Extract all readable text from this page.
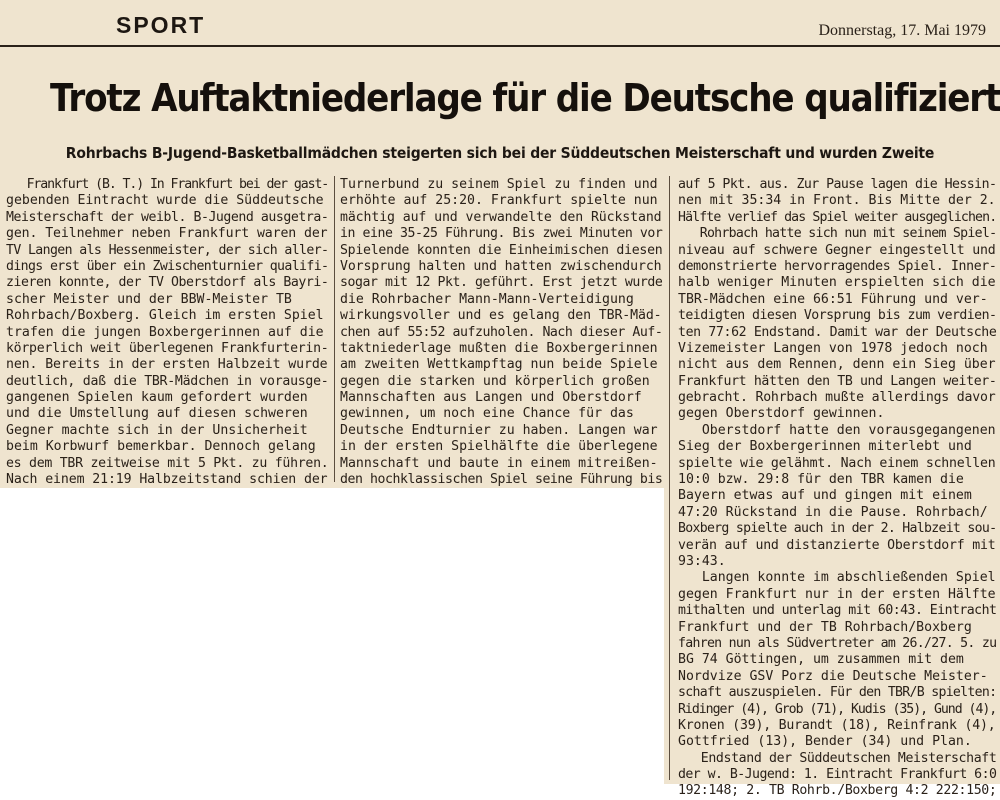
SPORT	Donnerstag, 17. Mai 1979
Trotz Auftaktniederlage für die Deutsche qualifiziert
Rohrbachs B-Jugend-Basketballmädchen steigerten sich bei der Süddeutschen Meisterschaft und wurden Zweite
Frankfurt (B. T.) In Frankfurt bei der gast-
gebenden Eintracht wurde die Süddeutsche
Meisterschaft der weibl. B-Jugend ausgetra-
gen. Teilnehmer neben Frankfurt waren der
TV Langen als Hessenmeister, der sich aller-
dings erst über ein Zwischenturnier qualifi-
zieren konnte, der TV Oberstdorf als Bayri-
scher Meister und der BBW-Meister TB
Rohrbach/Boxberg. Gleich im ersten Spiel
trafen die jungen Boxbergerinnen auf die
körperlich weit überlegenen Frankfurterin-
nen. Bereits in der ersten Halbzeit wurde
deutlich, daß die TBR-Mädchen in vorausge-
gangenen Spielen kaum gefordert wurden
und die Umstellung auf diesen schweren
Gegner machte sich in der Unsicherheit
beim Korbwurf bemerkbar. Dennoch gelang
es dem TBR zeitweise mit 5 Pkt. zu führen.
Nach einem 21:19 Halbzeitstand schien der
Turnerbund zu seinem Spiel zu finden und
erhöhte auf 25:20. Frankfurt spielte nun
mächtig auf und verwandelte den Rückstand
in eine 35-25 Führung. Bis zwei Minuten vor
Spielende konnten die Einheimischen diesen
Vorsprung halten und hatten zwischendurch
sogar mit 12 Pkt. geführt. Erst jetzt wurde
die Rohrbacher Mann-Mann-Verteidigung
wirkungsvoller und es gelang den TBR-Mäd-
chen auf 55:52 aufzuholen. Nach dieser Auf-
taktniederlage mußten die Boxbergerinnen
am zweiten Wettkampftag nun beide Spiele
gegen die starken und körperlich großen
Mannschaften aus Langen und Oberstdorf
gewinnen, um noch eine Chance für das
Deutsche Endturnier zu haben. Langen war
in der ersten Spielhälfte die überlegene
Mannschaft und baute in einem mitreißen-
den hochklassischen Spiel seine Führung bis
auf 5 Pkt. aus. Zur Pause lagen die Hessin-
nen mit 35:34 in Front. Bis Mitte der 2.
Hälfte verlief das Spiel weiter ausgeglichen.
Rohrbach hatte sich nun mit seinem Spiel-
niveau auf schwere Gegner eingestellt und
demonstrierte hervorragendes Spiel. Inner-
halb weniger Minuten erspielten sich die
TBR-Mädchen eine 66:51 Führung und ver-
teidigten diesen Vorsprung bis zum verdien-
ten 77:62 Endstand. Damit war der Deutsche
Vizemeister Langen von 1978 jedoch noch
nicht aus dem Rennen, denn ein Sieg über
Frankfurt hätten den TB und Langen weiter-
gebracht. Rohrbach mußte allerdings davor
gegen Oberstdorf gewinnen.
Oberstdorf hatte den vorausgegangenen
Sieg der Boxbergerinnen miterlebt und
spielte wie gelähmt. Nach einem schnellen
10:0 bzw. 29:8 für den TBR kamen die
Bayern etwas auf und gingen mit einem
47:20 Rückstand in die Pause. Rohrbach/
Boxberg spielte auch in der 2. Halbzeit sou-
verän auf und distanzierte Oberstdorf mit
93:43.
Langen konnte im abschließenden Spiel
gegen Frankfurt nur in der ersten Hälfte
mithalten und unterlag mit 60:43. Eintracht
Frankfurt und der TB Rohrbach/Boxberg
fahren nun als Südvertreter am 26./27. 5. zu
BG 74 Göttingen, um zusammen mit dem
Nordvize GSV Porz die Deutsche Meister-
schaft auszuspielen. Für den TBR/B spielten:
Ridinger (4), Grob (71), Kudis (35), Gund (4),
Kronen (39), Burandt (18), Reinfrank (4),
Gottfried (13), Bender (34) und Plan.
Endstand der Süddeutschen Meisterschaft
der w. B-Jugend: 1. Eintracht Frankfurt 6:0
192:148; 2. TB Rohrb./Boxberg 4:2 222:150;
